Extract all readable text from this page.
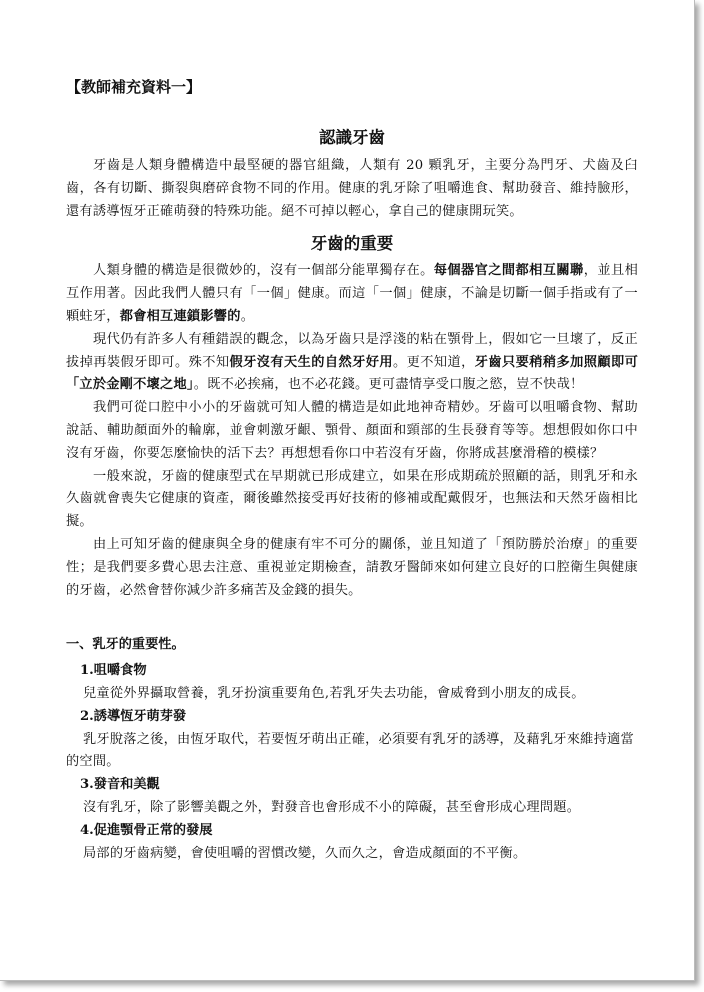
【教師補充資料一】
認識牙齒

牙齒是人類身體構造中最堅硬的器官組織，人類有 20 顆乳牙，主要分為門牙、犬齒及臼齒，各有切斷、撕裂與磨碎食物不同的作用。健康的乳牙除了咀嚼進食、幫助發音、維持臉形，還有誘導恆牙正確萌發的特殊功能。絕不可掉以輕心，拿自己的健康開玩笑。

牙齒的重要

人類身體的構造是很微妙的，沒有一個部分能單獨存在。每個器官之間都相互關聯，並且相互作用著。因此我們人體只有「一個」健康。而這「一個」健康，不論是切斷一個手指或有了一顆蛀牙，都會相互連鎖影響的。

現代仍有許多人有種錯誤的觀念，以為牙齒只是浮淺的粘在顎骨上，假如它一旦壞了，反正拔掉再裝假牙即可。殊不知假牙沒有天生的自然牙好用。更不知道，牙齒只要稍稍多加照顧即可「立於金剛不壞之地」。既不必挨痛，也不必花錢。更可盡情享受口腹之慾，豈不快哉！

我們可從口腔中小小的牙齒就可知人體的構造是如此地神奇精妙。牙齒可以咀嚼食物、幫助說話、輔助顏面外的輪廓，並會刺激牙齦、顎骨、顏面和頸部的生長發育等等。想想假如你口中沒有牙齒，你要怎麼愉快的活下去？再想想看你口中若沒有牙齒，你將成甚麼滑稽的模樣？

一般來說，牙齒的健康型式在早期就已形成建立，如果在形成期疏於照顧的話，則乳牙和永久齒就會喪失它健康的資產，爾後雖然接受再好技術的修補或配戴假牙，也無法和天然牙齒相比擬。

由上可知牙齒的健康與全身的健康有牢不可分的關係，並且知道了「預防勝於治療」的重要性；是我們要多費心思去注意、重視並定期檢查，請教牙醫師來如何建立良好的口腔衛生與健康的牙齒，必然會替你減少許多痛苦及金錢的損失。

一、乳牙的重要性。
1.咀嚼食物
兒童從外界攝取營養，乳牙扮演重要角色,若乳牙失去功能，會威脅到小朋友的成長。
2.誘導恆牙萌芽發
乳牙脫落之後，由恆牙取代，若要恆牙萌出正確，必須要有乳牙的誘導，及藉乳牙來維持適當的空間。
3.發音和美觀
沒有乳牙，除了影響美觀之外，對發音也會形成不小的障礙，甚至會形成心理問題。
4.促進顎骨正常的發展
局部的牙齒病變，會使咀嚼的習慣改變，久而久之，會造成顏面的不平衡。
